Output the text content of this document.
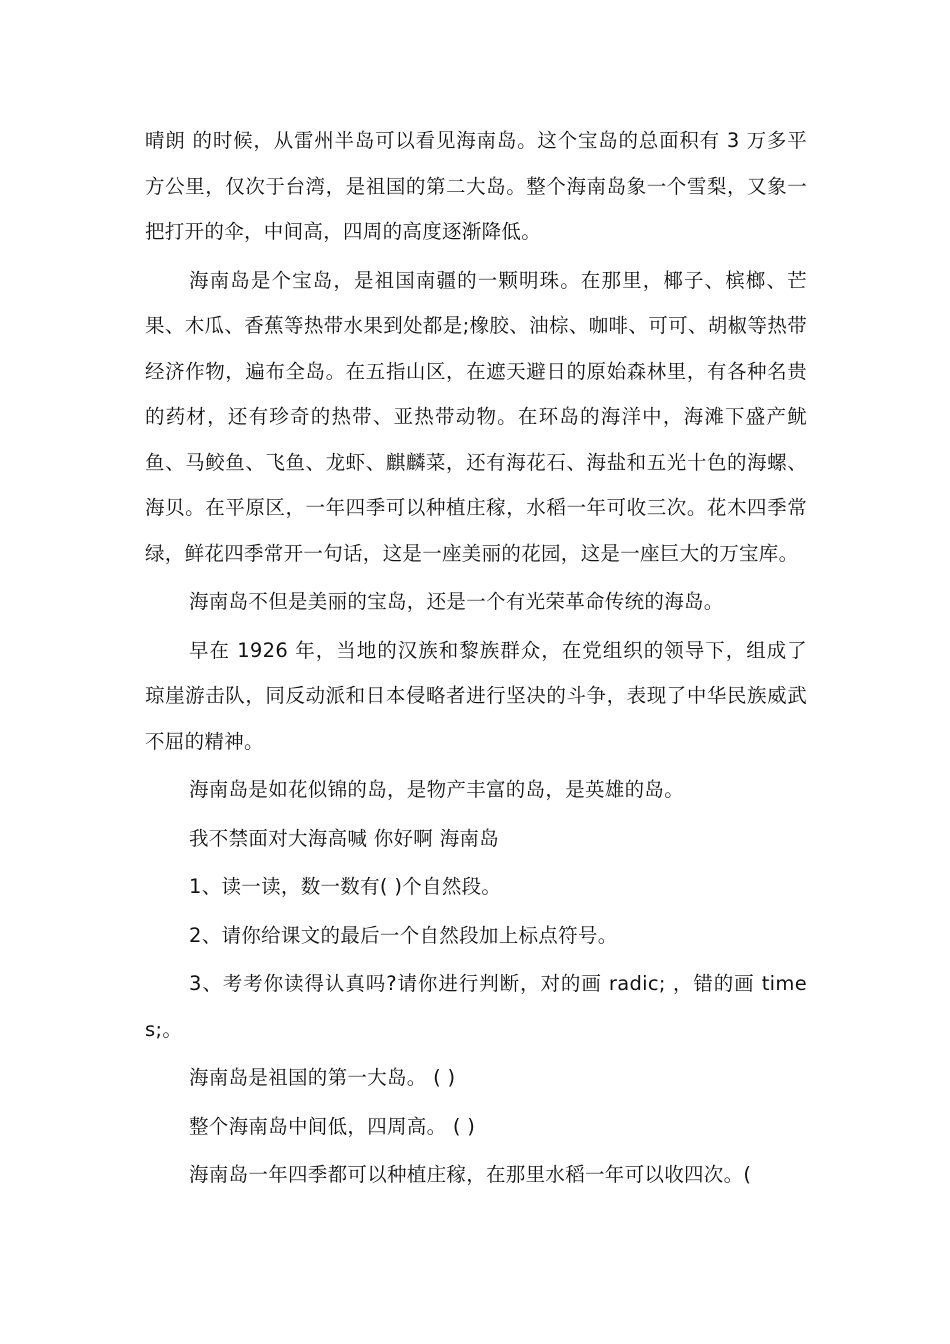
晴朗 的时候，从雷州半岛可以看见海南岛。这个宝岛的总面积有 3 万多平方公里，仅次于台湾，是祖国的第二大岛。整个海南岛象一个雪梨，又象一把打开的伞，中间高，四周的高度逐渐降低。

海南岛是个宝岛，是祖国南疆的一颗明珠。在那里，椰子、槟榔、芒果、木瓜、香蕉等热带水果到处都是;橡胶、油棕、咖啡、可可、胡椒等热带经济作物，遍布全岛。在五指山区，在遮天避日的原始森林里，有各种名贵的药材，还有珍奇的热带、亚热带动物。在环岛的海洋中，海滩下盛产鱿鱼、马鲛鱼、飞鱼、龙虾、麒麟菜，还有海花石、海盐和五光十色的海螺、海贝。在平原区，一年四季可以种植庄稼，水稻一年可收三次。花木四季常绿，鲜花四季常开一句话，这是一座美丽的花园，这是一座巨大的万宝库。

海南岛不但是美丽的宝岛，还是一个有光荣革命传统的海岛。

早在 1926 年，当地的汉族和黎族群众，在党组织的领导下，组成了琼崖游击队，同反动派和日本侵略者进行坚决的斗争，表现了中华民族威武不屈的精神。

海南岛是如花似锦的岛，是物产丰富的岛，是英雄的岛。

我不禁面对大海高喊 你好啊 海南岛

1、读一读，数一数有( )个自然段。

2、请你给课文的最后一个自然段加上标点符号。

3、考考你读得认真吗?请你进行判断，对的画 radic; ，错的画 times;。

海南岛是祖国的第一大岛。 ( )

整个海南岛中间低，四周高。 ( )

海南岛一年四季都可以种植庄稼，在那里水稻一年可以收四次。(
